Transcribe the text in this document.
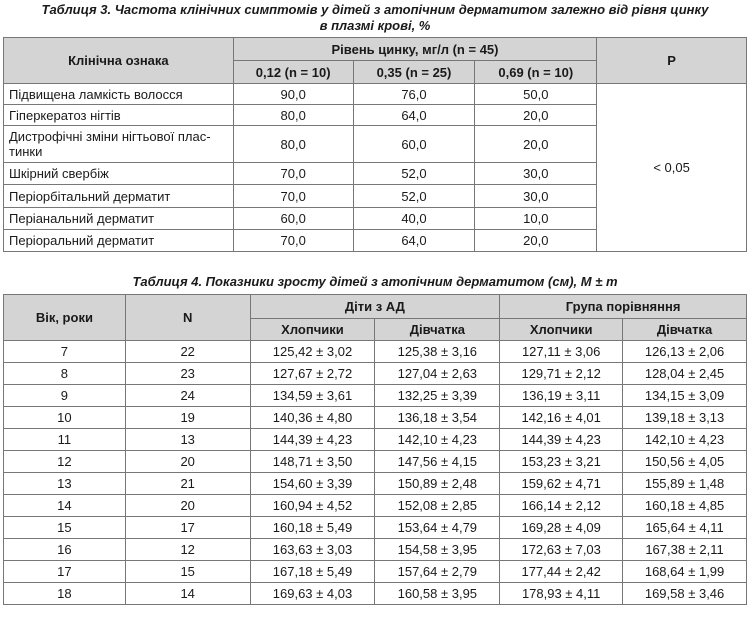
Таблиця 3. Частота клінічних симптомів у дітей з атопічним дерматитом залежно від рівня цинку
в плазмі крові, %
Клінічна ознака	Рівень цинку, мг/л (n = 45)			Р
	0,12 (n = 10)	0,35 (n = 25)	0,69 (n = 10)	
Підвищена ламкість волосся	90,0	76,0	50,0	< 0,05
Гіперкератоз нігтів	80,0	64,0	20,0	

Дистрофічні зміни нігтьової плас-
тинки	80,0	60,0	20,0	
Шкірний свербіж	70,0	52,0	30,0	
Періорбітальний дерматит	70,0	52,0	30,0	
Періанальний дерматит	60,0	40,0	10,0	
Періоральний дерматит	70,0	64,0	20,0	
Таблиця 4. Показники зросту дітей з атопічним дерматитом (см), M ± m
Вік, роки	N	Діти з АД		Група порівняння	
		Хлопчики	Дівчатка	Хлопчики	Дівчатка
7	22	125,42 ± 3,02	125,38 ± 3,16	127,11 ± 3,06	126,13 ± 2,06
8	23	127,67 ± 2,72	127,04 ± 2,63	129,71 ± 2,12	128,04 ± 2,45
9	24	134,59 ± 3,61	132,25 ± 3,39	136,19 ± 3,11	134,15 ± 3,09
10	19	140,36 ± 4,80	136,18 ± 3,54	142,16 ± 4,01	139,18 ± 3,13
11	13	144,39 ± 4,23	142,10 ± 4,23	144,39 ± 4,23	142,10 ± 4,23
12	20	148,71 ± 3,50	147,56 ± 4,15	153,23 ± 3,21	150,56 ± 4,05
13	21	154,60 ± 3,39	150,89 ± 2,48	159,62 ± 4,71	155,89 ± 1,48
14	20	160,94 ± 4,52	152,08 ± 2,85	166,14 ± 2,12	160,18 ± 4,85
15	17	160,18 ± 5,49	153,64 ± 4,79	169,28 ± 4,09	165,64 ± 4,11
16	12	163,63 ± 3,03	154,58 ± 3,95	172,63 ± 7,03	167,38 ± 2,11
17	15	167,18 ± 5,49	157,64 ± 2,79	177,44 ± 2,42	168,64 ± 1,99
18	14	169,63 ± 4,03	160,58 ± 3,95	178,93 ± 4,11	169,58 ± 3,46
